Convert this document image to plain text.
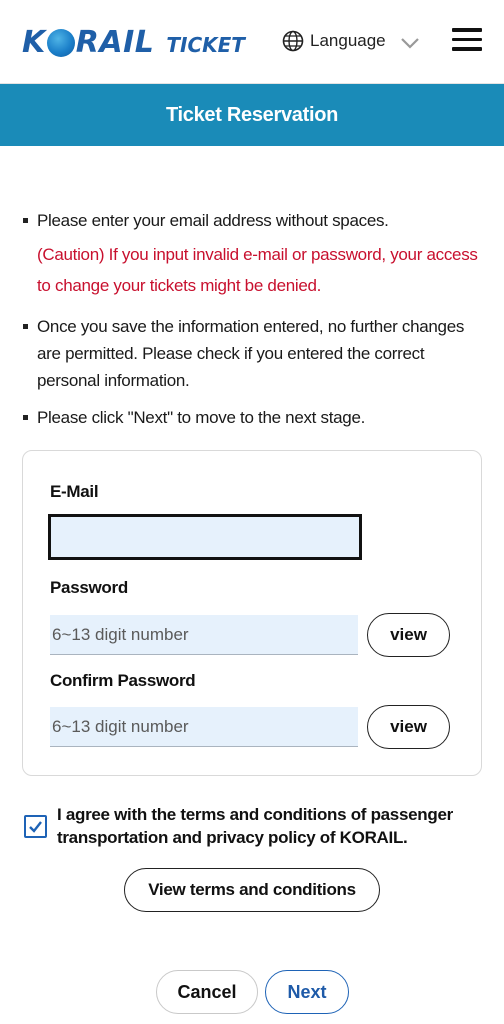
K RAIL TICKET	Language
Ticket Reservation
Please enter your email address without spaces.
(Caution) If you input invalid e-mail or password, your access to change your tickets might be denied.
Once you save the information entered, no further changes are permitted. Please check if you entered the correct personal information.
Please click "Next" to move to the next stage.
E-Mail
Password
6~13 digit number	view
Confirm Password
6~13 digit number	view
I agree with the terms and conditions of passenger transportation and privacy policy of KORAIL.
View terms and conditions
Cancel	Next
